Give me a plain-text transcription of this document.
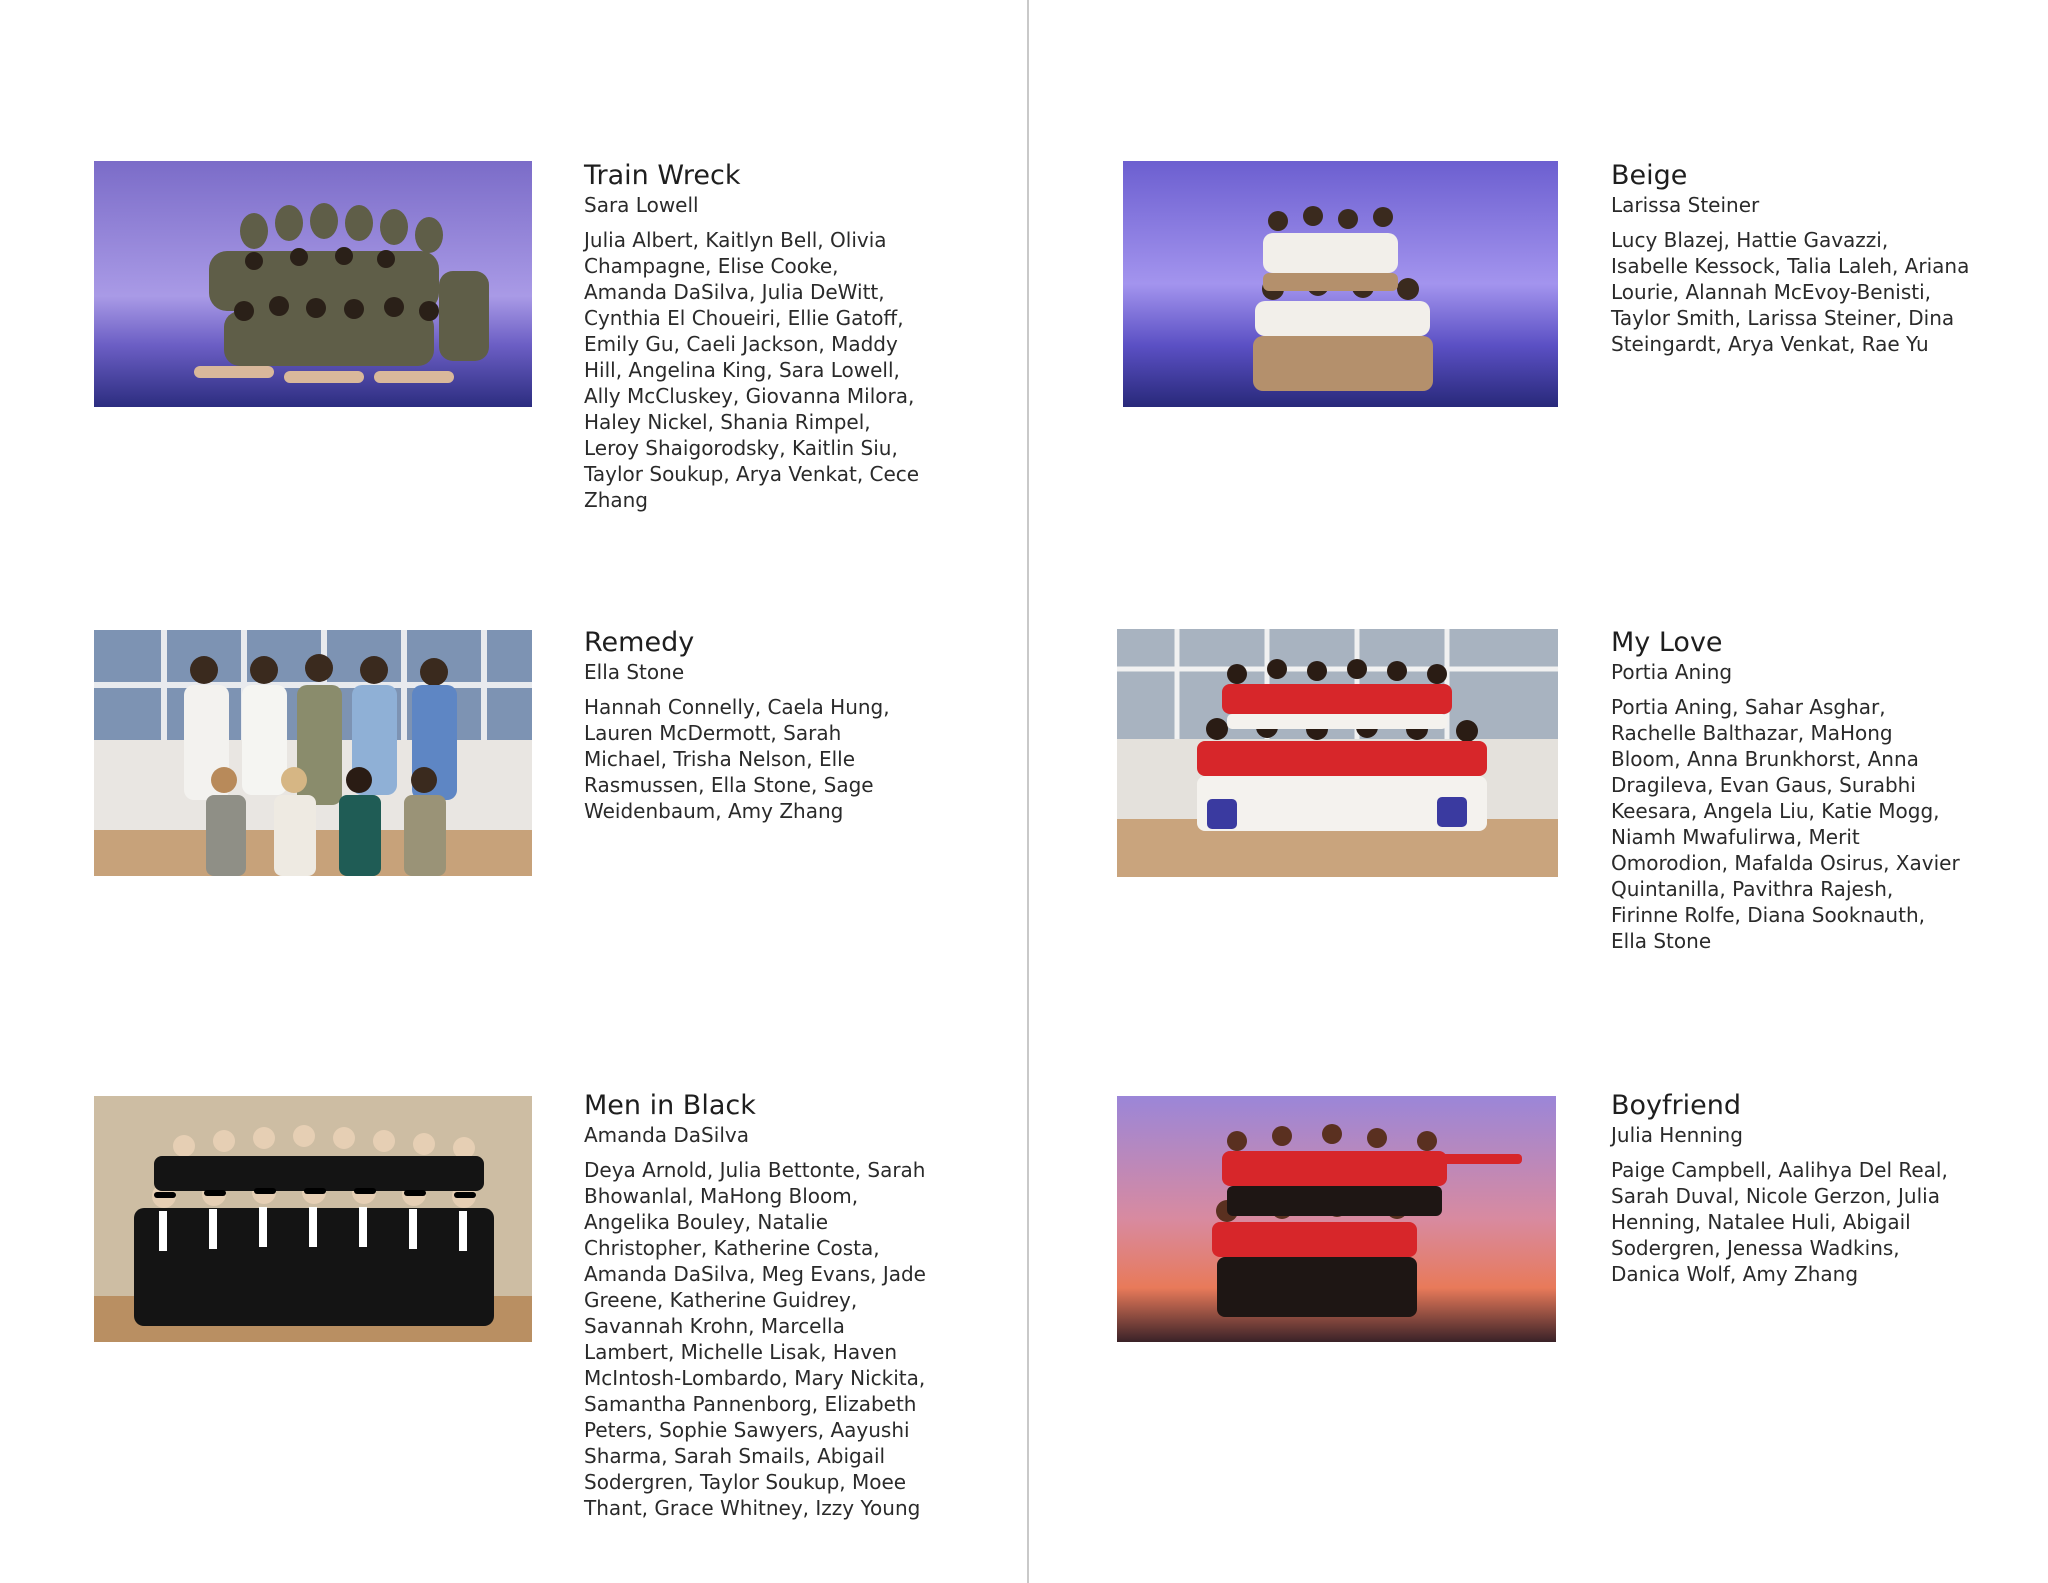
Train Wreck
Sara Lowell
Julia Albert, Kaitlyn Bell, Olivia Champagne, Elise Cooke, Amanda DaSilva, Julia DeWitt, Cynthia El Choueiri, Ellie Gatoff, Emily Gu, Caeli Jackson, Maddy Hill, Angelina King, Sara Lowell, Ally McCluskey, Giovanna Milora, Haley Nickel, Shania Rimpel, Leroy Shaigorodsky, Kaitlin Siu, Taylor Soukup, Arya Venkat, Cece Zhang
Beige
Larissa Steiner
Lucy Blazej, Hattie Gavazzi, Isabelle Kessock, Talia Laleh, Ariana Lourie, Alannah McEvoy-Benisti, Taylor Smith, Larissa Steiner, Dina Steingardt, Arya Venkat, Rae Yu
Remedy
Ella Stone
Hannah Connelly, Caela Hung, Lauren McDermott, Sarah Michael, Trisha Nelson, Elle Rasmussen, Ella Stone, Sage Weidenbaum, Amy Zhang
My Love
Portia Aning
Portia Aning, Sahar Asghar, Rachelle Balthazar, MaHong Bloom, Anna Brunkhorst, Anna Dragileva, Evan Gaus, Surabhi Keesara, Angela Liu, Katie Mogg, Niamh Mwafulirwa, Merit Omorodion, Mafalda Osirus, Xavier Quintanilla, Pavithra Rajesh, Firinne Rolfe, Diana Sooknauth, Ella Stone
Men in Black
Amanda DaSilva
Deya Arnold, Julia Bettonte, Sarah Bhowanlal, MaHong Bloom, Angelika Bouley, Natalie Christopher, Katherine Costa, Amanda DaSilva, Meg Evans, Jade Greene, Katherine Guidrey, Savannah Krohn, Marcella Lambert, Michelle Lisak, Haven McIntosh-Lombardo, Mary Nickita, Samantha Pannenborg, Elizabeth Peters, Sophie Sawyers, Aayushi Sharma, Sarah Smails, Abigail Sodergren, Taylor Soukup, Moee Thant, Grace Whitney, Izzy Young
Boyfriend
Julia Henning
Paige Campbell, Aalihya Del Real, Sarah Duval, Nicole Gerzon, Julia Henning, Natalee Huli, Abigail Sodergren, Jenessa Wadkins, Danica Wolf, Amy Zhang
